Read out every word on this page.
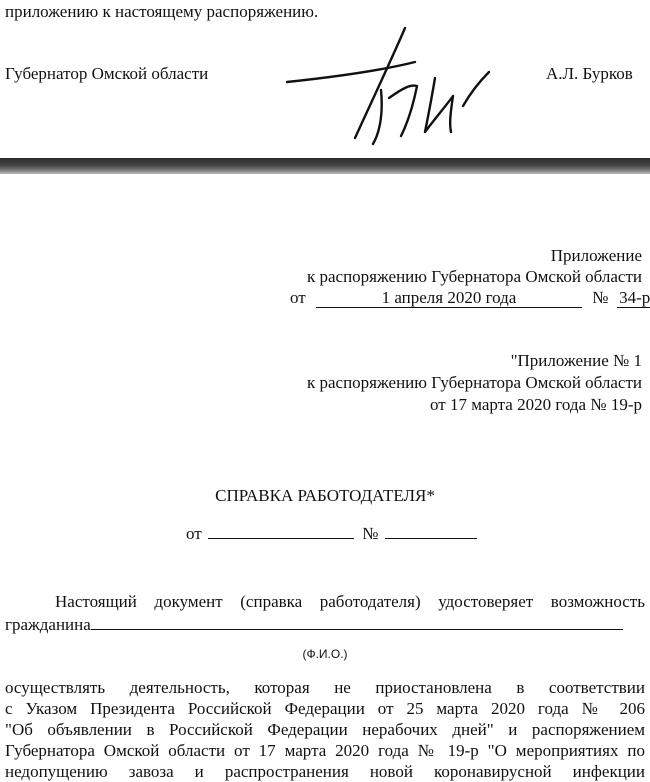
приложению к настоящему распоряжению.
Губернатор Омской области	А.Л. Бурков
Приложение
к распоряжению Губернатора Омской области
от	1 апреля 2020 года	№ 34-р
"Приложение № 1
к распоряжению Губернатора Омской области
от 17 марта 2020 года № 19-р
СПРАВКА РАБОТОДАТЕЛЯ*
от	№
Настоящий документ (справка работодателя) удостоверяет возможность
гражданина
(Ф.И.О.)
осуществлять деятельность, которая не приостановлена в соответствии
с Указом Президента Российской Федерации от 25 марта 2020 года № 206
"Об объявлении в Российской Федерации нерабочих дней" и распоряжением
Губернатора Омской области от 17 марта 2020 года № 19-р "О мероприятиях по
недопущению завоза и распространения новой коронавирусной инфекции
